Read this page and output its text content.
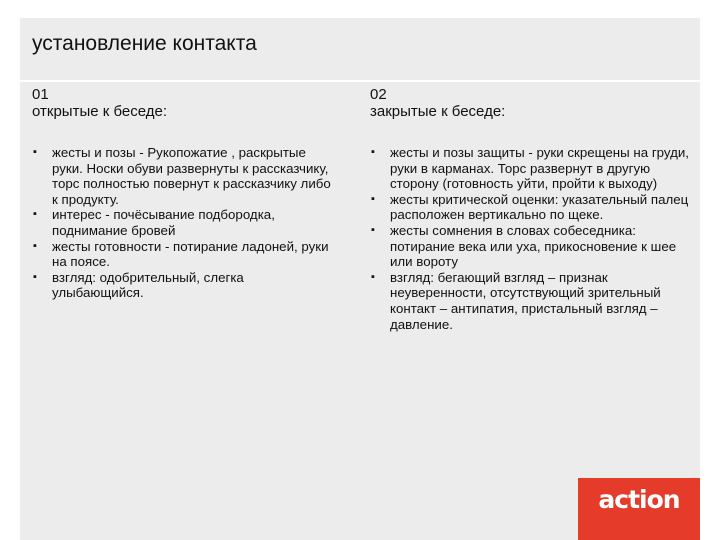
установление контакта
01
открытые к беседе:
▪ жесты и позы - Рукопожатие , раскрытые руки. Носки обуви развернуты к рассказчику, торс полностью повернут к рассказчику либо к продукту.
▪ интерес - почёсывание подбородка, поднимание бровей
▪ жесты готовности - потирание ладоней, руки на поясе.
▪ взгляд: одобрительный, слегка улыбающийся.
02
закрытые к беседе:
▪ жесты и позы защиты - руки скрещены на груди, руки в карманах. Торс развернут в другую сторону (готовность уйти, пройти к выходу)
▪ жесты критической оценки: указательный палец расположен вертикально по щеке.
▪ жесты сомнения в словах собеседника: потирание века или уха, прикосновение к шее или вороту
▪ взгляд: бегающий взгляд – признак неуверенности, отсутствующий зрительный контакт – антипатия, пристальный взгляд – давление.
action
